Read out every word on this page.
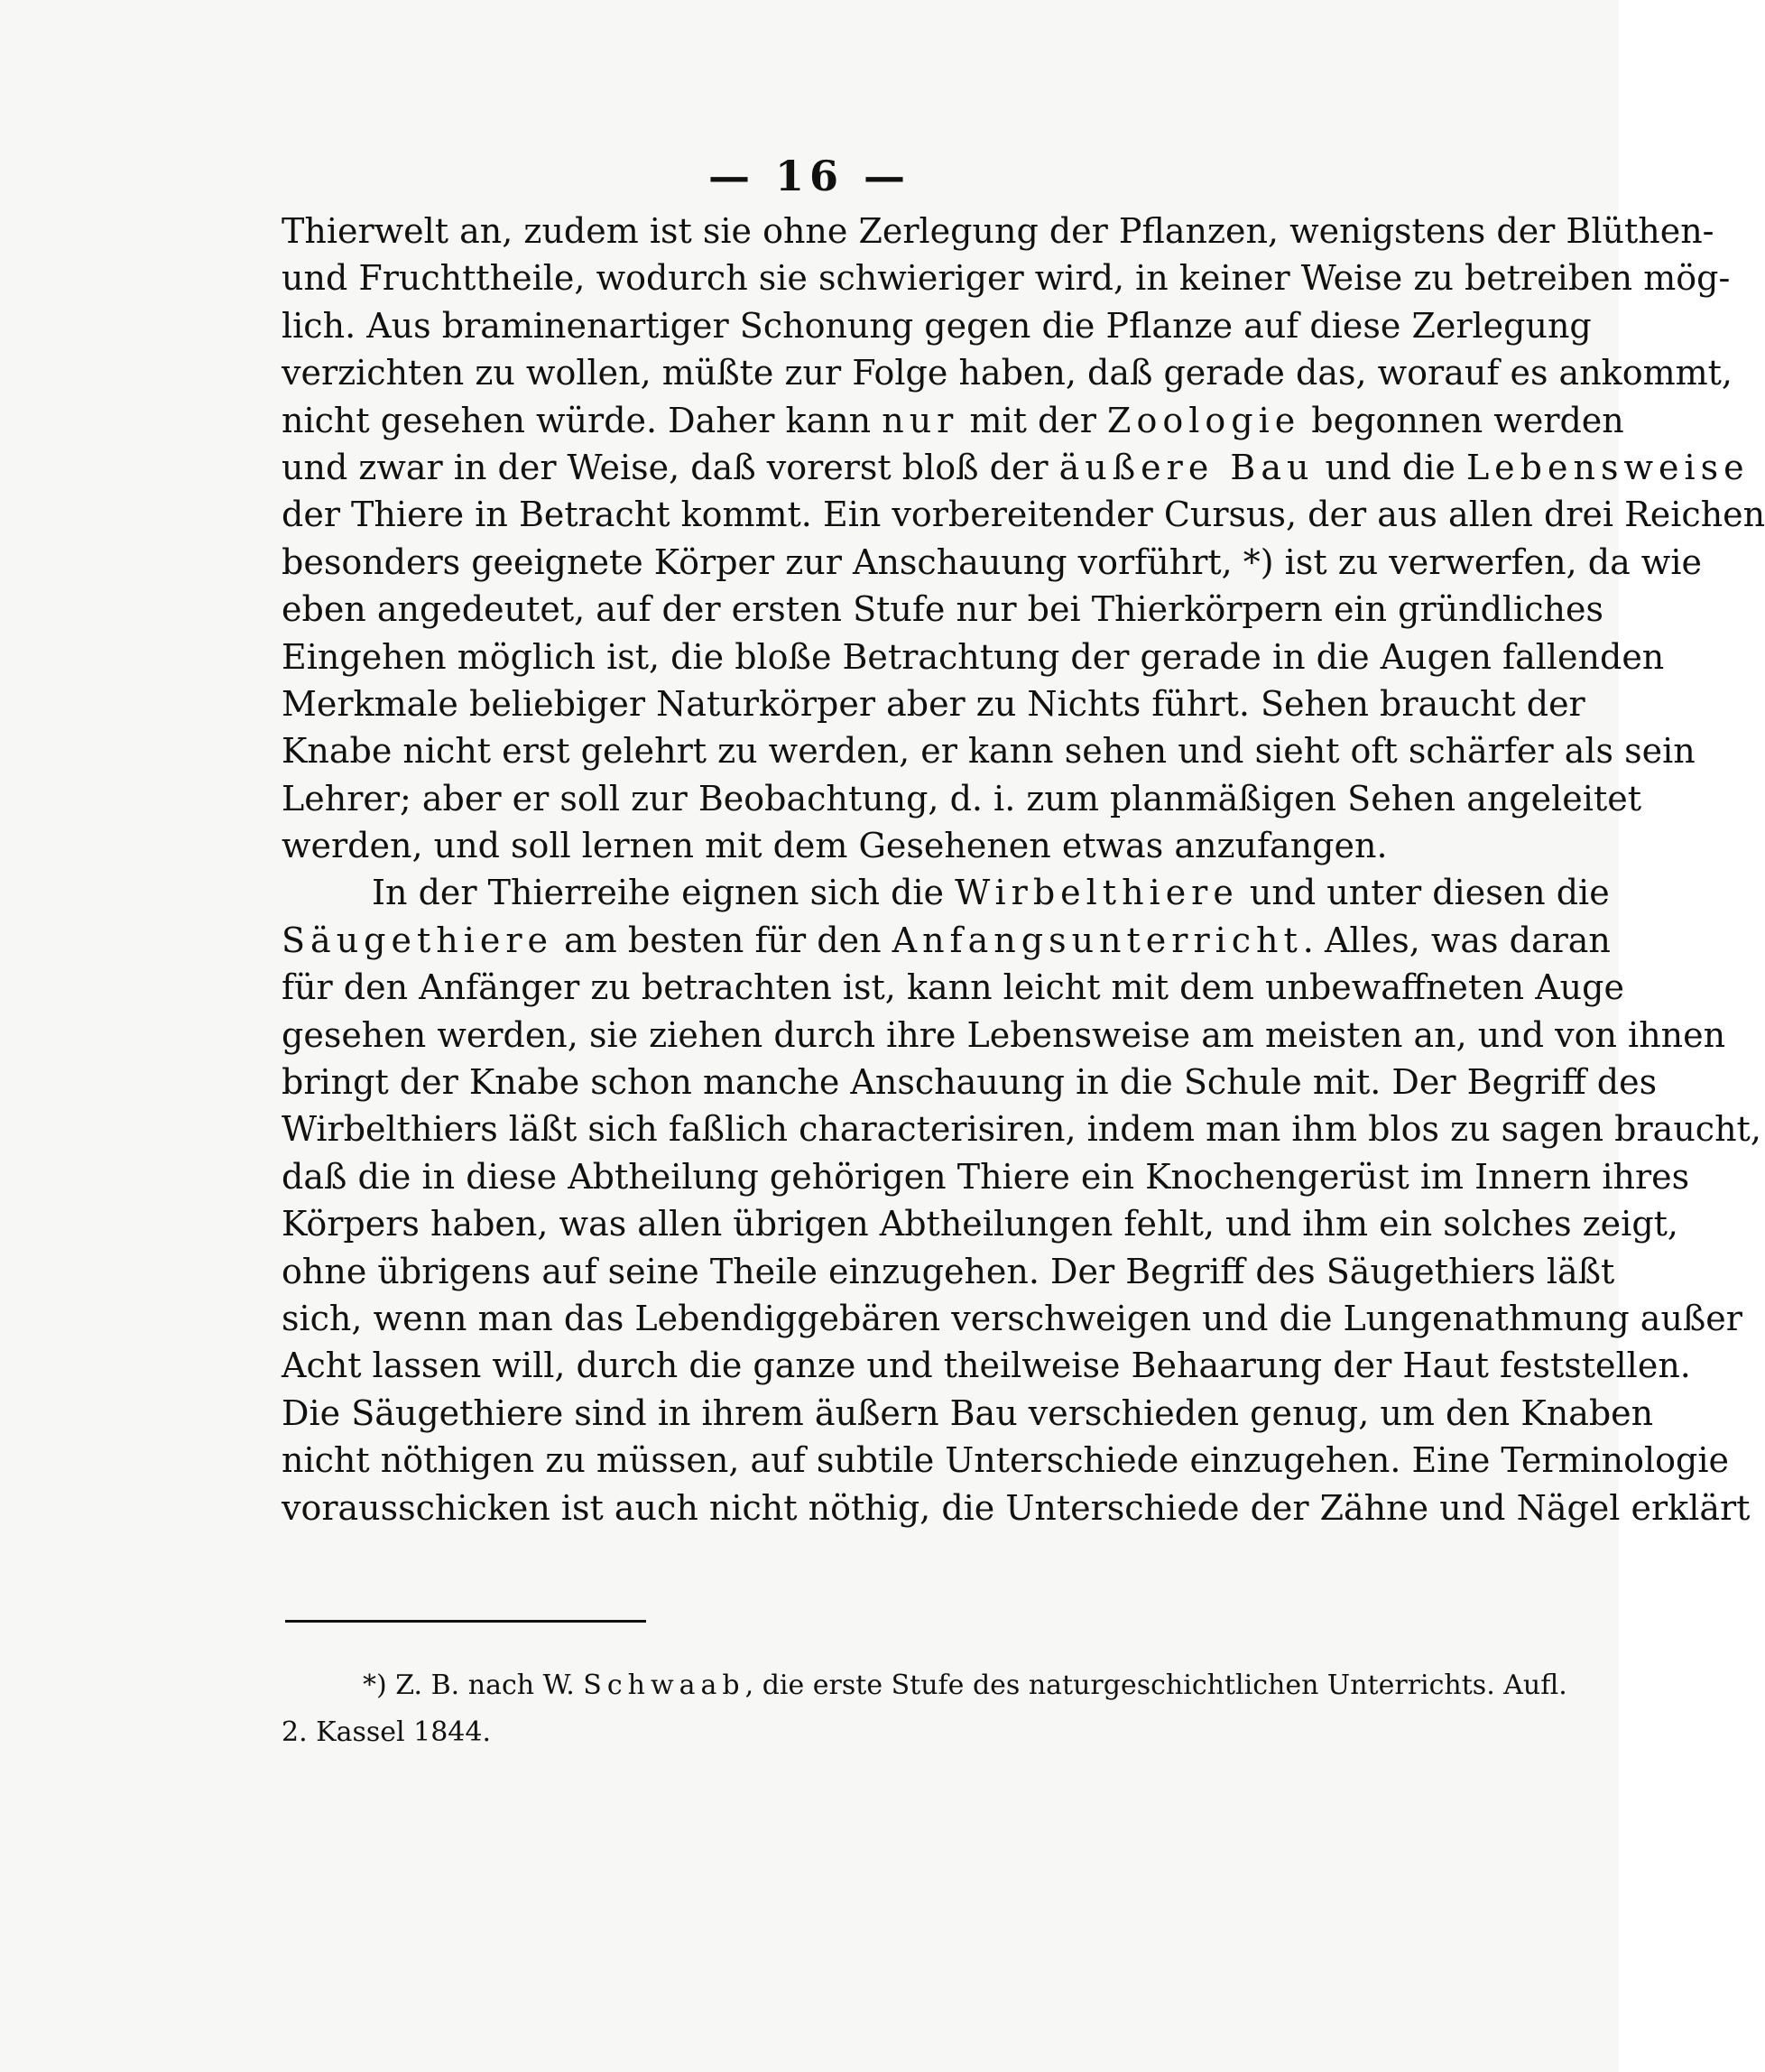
— 16 —
Thierwelt an, zudem ist sie ohne Zerlegung der Pflanzen, wenigstens der Blüthen-
und Fruchttheile, wodurch sie schwieriger wird, in keiner Weise zu betreiben mög-
lich. Aus braminenartiger Schonung gegen die Pflanze auf diese Zerlegung
verzichten zu wollen, müßte zur Folge haben, daß gerade das, worauf es ankommt,
nicht gesehen würde. Daher kann nur mit der Zoologie begonnen werden
und zwar in der Weise, daß vorerst bloß der äußere Bau und die Lebensweise
der Thiere in Betracht kommt. Ein vorbereitender Cursus, der aus allen drei Reichen
besonders geeignete Körper zur Anschauung vorführt, *) ist zu verwerfen, da wie
eben angedeutet, auf der ersten Stufe nur bei Thierkörpern ein gründliches
Eingehen möglich ist, die bloße Betrachtung der gerade in die Augen fallenden
Merkmale beliebiger Naturkörper aber zu Nichts führt. Sehen braucht der
Knabe nicht erst gelehrt zu werden, er kann sehen und sieht oft schärfer als sein
Lehrer; aber er soll zur Beobachtung, d. i. zum planmäßigen Sehen angeleitet
werden, und soll lernen mit dem Gesehenen etwas anzufangen.
In der Thierreihe eignen sich die Wirbelthiere und unter diesen die
Säugethiere am besten für den Anfangsunterricht. Alles, was daran
für den Anfänger zu betrachten ist, kann leicht mit dem unbewaffneten Auge
gesehen werden, sie ziehen durch ihre Lebensweise am meisten an, und von ihnen
bringt der Knabe schon manche Anschauung in die Schule mit. Der Begriff des
Wirbelthiers läßt sich faßlich characterisiren, indem man ihm blos zu sagen braucht,
daß die in diese Abtheilung gehörigen Thiere ein Knochengerüst im Innern ihres
Körpers haben, was allen übrigen Abtheilungen fehlt, und ihm ein solches zeigt,
ohne übrigens auf seine Theile einzugehen. Der Begriff des Säugethiers läßt
sich, wenn man das Lebendiggebären verschweigen und die Lungenathmung außer
Acht lassen will, durch die ganze und theilweise Behaarung der Haut feststellen.
Die Säugethiere sind in ihrem äußern Bau verschieden genug, um den Knaben
nicht nöthigen zu müssen, auf subtile Unterschiede einzugehen. Eine Terminologie
vorausschicken ist auch nicht nöthig, die Unterschiede der Zähne und Nägel erklärt
*) Z. B. nach W. Schwaab, die erste Stufe des naturgeschichtlichen Unterrichts. Aufl.
2. Kassel 1844.
